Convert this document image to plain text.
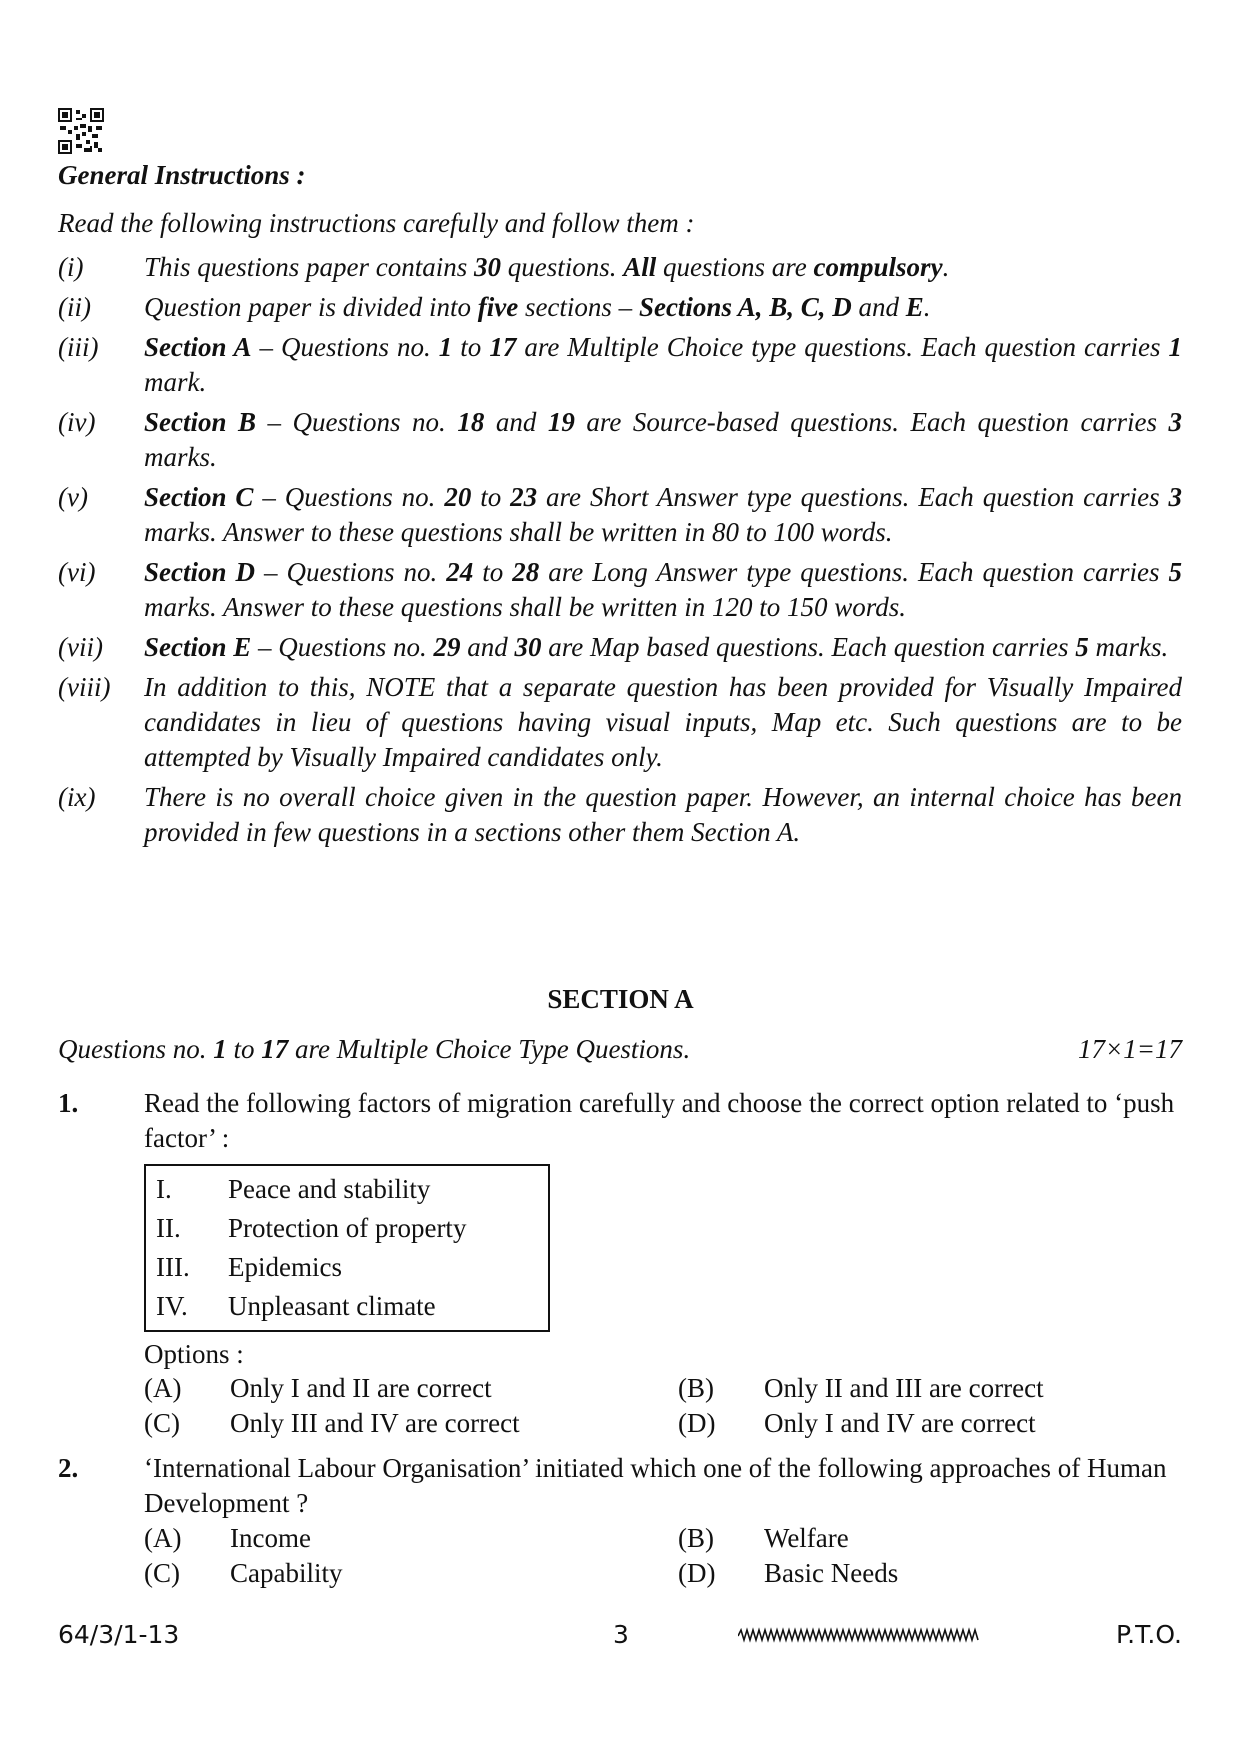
General Instructions :
Read the following instructions carefully and follow them :
(i)	This questions paper contains 30 questions. All questions are compulsory.
(ii)	Question paper is divided into five sections – Sections A, B, C, D and E.
(iii)	Section A – Questions no. 1 to 17 are Multiple Choice type questions. Each question carries 1 mark.
(iv)	Section B – Questions no. 18 and 19 are Source-based questions. Each question carries 3 marks.
(v)	Section C – Questions no. 20 to 23 are Short Answer type questions. Each question carries 3 marks. Answer to these questions shall be written in 80 to 100 words.
(vi)	Section D – Questions no. 24 to 28 are Long Answer type questions. Each question carries 5 marks. Answer to these questions shall be written in 120 to 150 words.
(vii)	Section E – Questions no. 29 and 30 are Map based questions. Each question carries 5 marks.
(viii)	In addition to this, NOTE that a separate question has been provided for Visually Impaired candidates in lieu of questions having visual inputs, Map etc. Such questions are to be attempted by Visually Impaired candidates only.
(ix)	There is no overall choice given in the question paper. However, an internal choice has been provided in few questions in a sections other them Section A.
SECTION A
Questions no. 1 to 17 are Multiple Choice Type Questions.	17×1=17
1.	Read the following factors of migration carefully and choose the correct option related to ‘push factor’ :
I.	Peace and stability
II.	Protection of property
III.	Epidemics
IV.	Unpleasant climate
Options :
(A)	Only I and II are correct	(B)	Only II and III are correct
(C)	Only III and IV are correct	(D)	Only I and IV are correct
2.	‘International Labour Organisation’ initiated which one of the following approaches of Human Development ?
(A)	Income	(B)	Welfare
(C)	Capability	(D)	Basic Needs
64/3/1-13	3	P.T.O.
